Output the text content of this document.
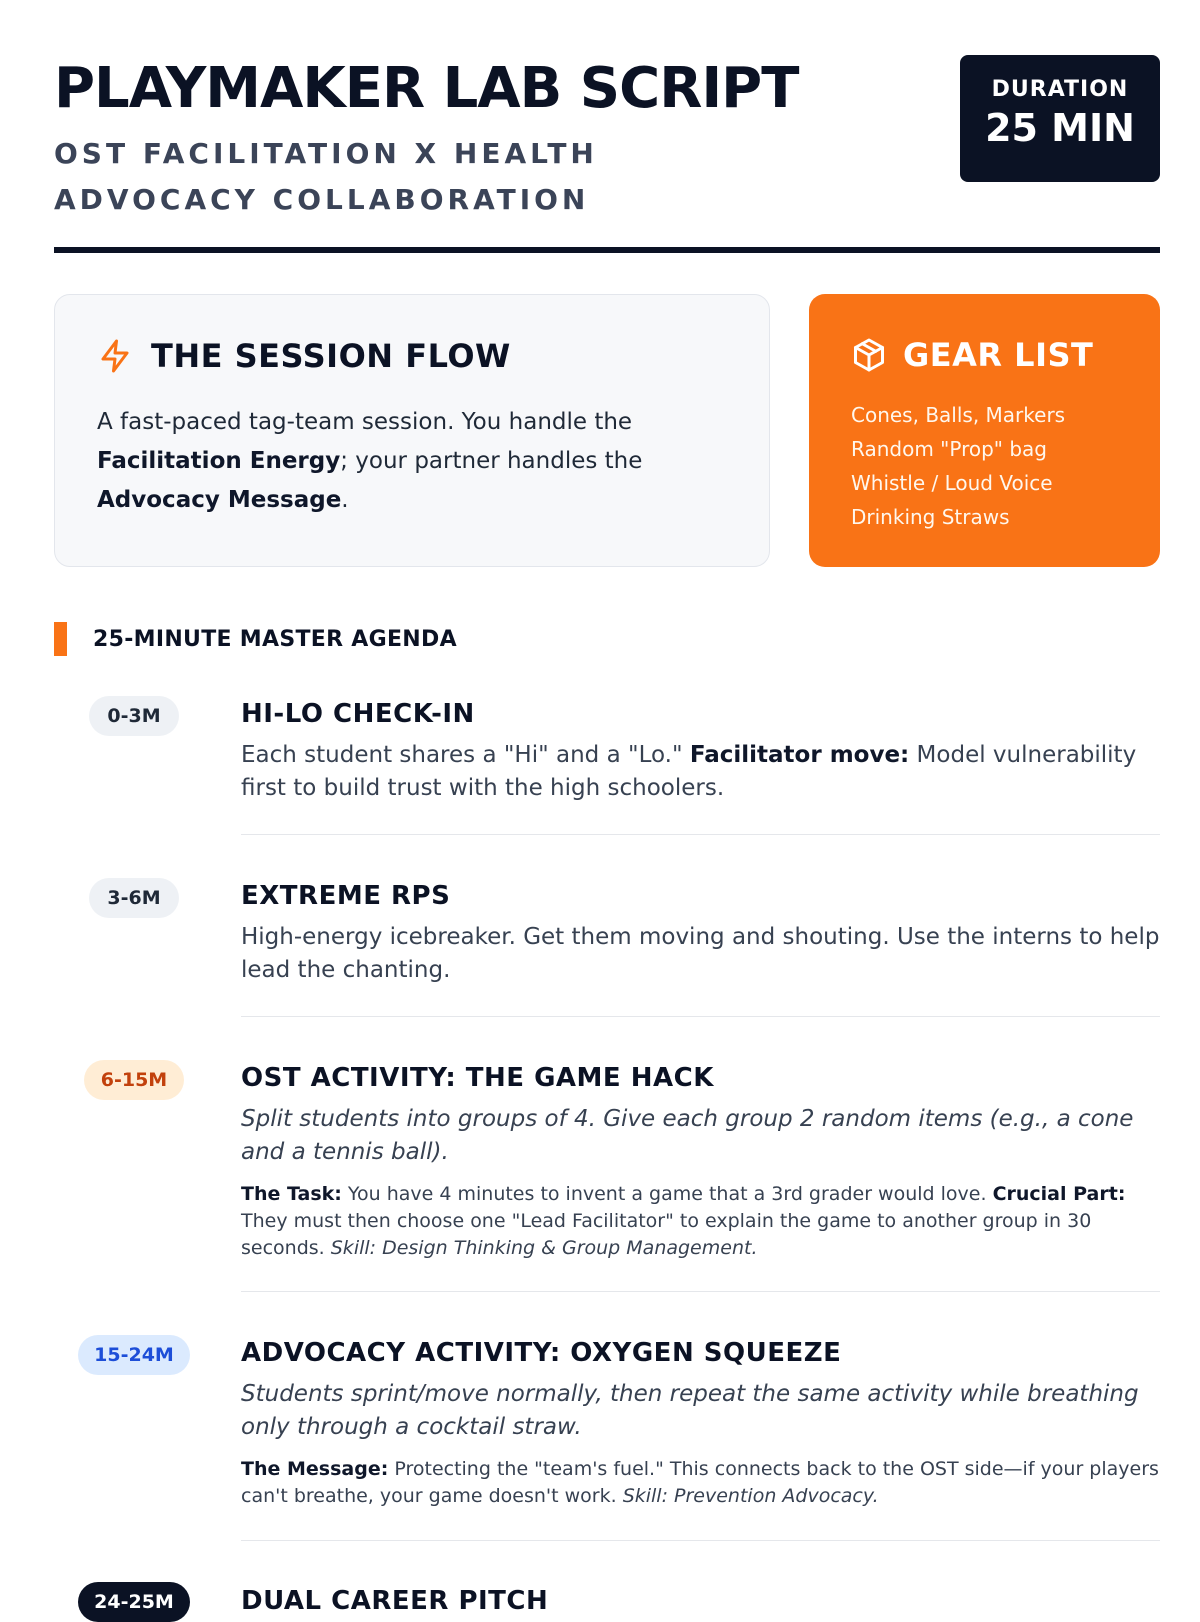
PLAYMAKER LAB SCRIPT
OST FACILITATION X HEALTH ADVOCACY COLLABORATION
DURATION
25 MIN
THE SESSION FLOW

A fast-paced tag-team session. You handle the Facilitation Energy; your partner handles the Advocacy Message.

GEAR LIST
Cones, Balls, Markers
Random "Prop" bag
Whistle / Loud Voice
Drinking Straws
25-MINUTE MASTER AGENDA
0-3M	HI-LO CHECK-IN
Each student shares a "Hi" and a "Lo." Facilitator move: Model vulnerability first to build trust with the high schoolers.
3-6M	EXTREME RPS
High-energy icebreaker. Get them moving and shouting. Use the interns to help lead the chanting.
6-15M	OST ACTIVITY: THE GAME HACK
Split students into groups of 4. Give each group 2 random items (e.g., a cone and a tennis ball).
The Task: You have 4 minutes to invent a game that a 3rd grader would love. Crucial Part: They must then choose one "Lead Facilitator" to explain the game to another group in 30 seconds. Skill: Design Thinking & Group Management.
15-24M	ADVOCACY ACTIVITY: OXYGEN SQUEEZE
Students sprint/move normally, then repeat the same activity while breathing only through a cocktail straw.
The Message: Protecting the "team's fuel." This connects back to the OST side—if your players can't breathe, your game doesn't work. Skill: Prevention Advocacy.
24-25M	DUAL CAREER PITCH
